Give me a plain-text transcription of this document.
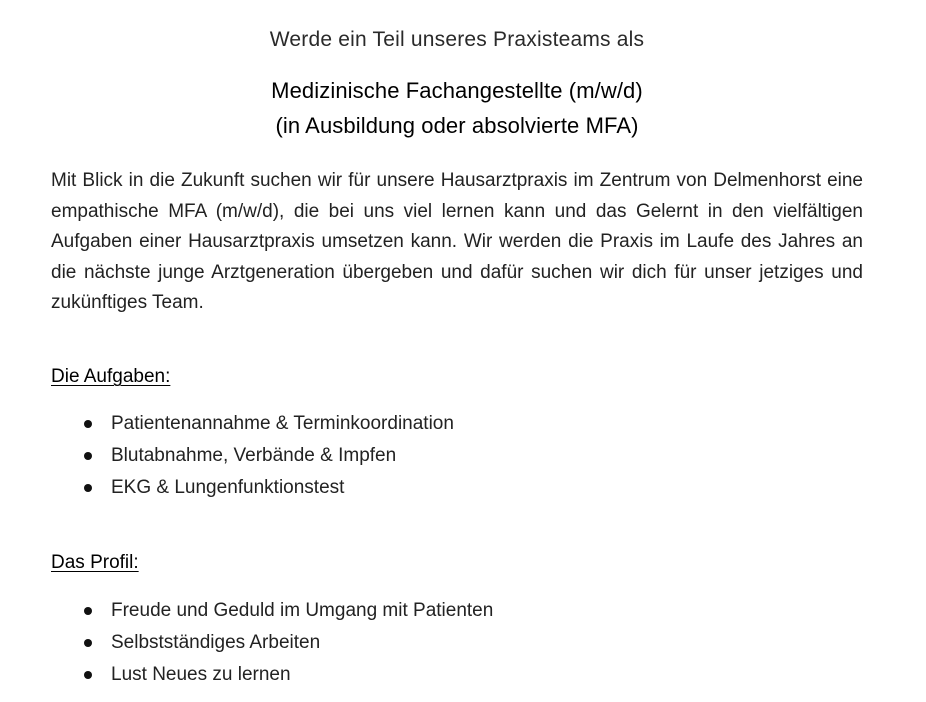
Werde ein Teil unseres Praxisteams als
Medizinische Fachangestellte (m/w/d)
(in Ausbildung oder absolvierte MFA)

Mit Blick in die Zukunft suchen wir für unsere Hausarztpraxis im Zentrum von Delmenhorst eine empathische MFA (m/w/d), die bei uns viel lernen kann und das Gelernt in den vielfältigen Aufgaben einer Hausarztpraxis umsetzen kann. Wir werden die Praxis im Laufe des Jahres an die nächste junge Arztgeneration übergeben und dafür suchen wir dich für unser jetziges und zukünftiges Team.

Die Aufgaben:
Patientenannahme & Terminkoordination
Blutabnahme, Verbände & Impfen
EKG & Lungenfunktionstest
Das Profil:
Freude und Geduld im Umgang mit Patienten
Selbstständiges Arbeiten
Lust Neues zu lernen
